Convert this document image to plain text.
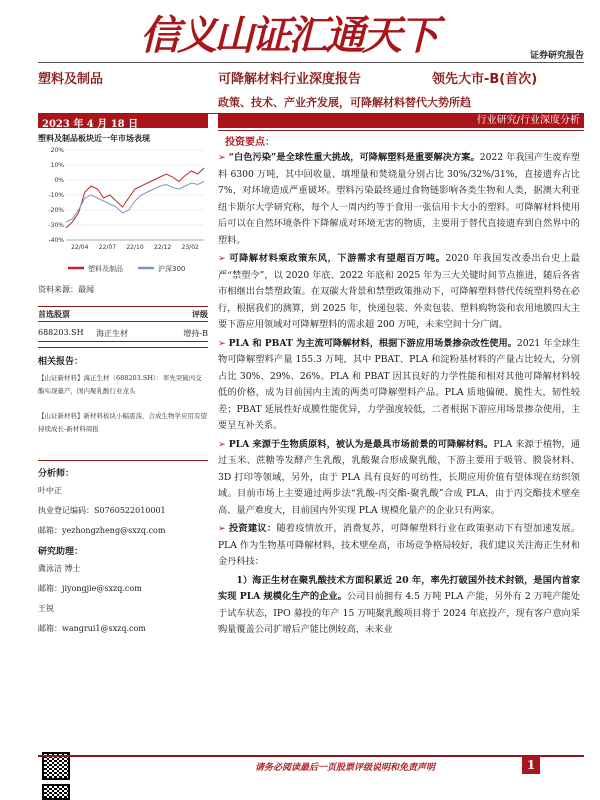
信义山证汇通天下	证券研究报告
塑料及制品	可降解材料行业深度报告	领先大市-B(首次)
政策、技术、产业齐发展，可降解材料替代大势所趋
2023 年 4 月 18 日	行业研究/行业深度分析
塑料及制品板块近一年市场表现
20%
10%
0%
-10%
-20%
-30%
-40%
22/04 22/07 22/10 22/12 23/02
塑料及制品	沪深300
资料来源：最闻
首选股票	评级
688203.SH 海正生材	增持-B
相关报告：
【山证新材料】海正生材（688203.SH）：率先突破丙交酯实现量产，国内聚乳酸行业龙头
【山证新材料】新材料板块小幅震荡，合成生物学应用有望持续成长-新材料周报
分析师：
叶中正
执业登记编码：S0760522010001
邮箱：yezhongzheng@sxzq.com
研究助理：
冀泳洁 博士
邮箱：jiyongjie@sxzq.com
王锐
邮箱：wangrui1@sxzq.com
投资要点：

➢ “白色污染”是全球性重大挑战，可降解塑料是重要解决方案。2022 年我国产生废弃塑料 6300 万吨，其中回收量、填埋量和焚烧量分别占比 30%/32%/31%，直接遗弃占比 7%，对环境造成严重破坏。塑料污染最终通过食物链影响各类生物和人类，据澳大利亚纽卡斯尔大学研究称，每个人一周内约等于食用一张信用卡大小的塑料。可降解材料使用后可以在自然环境条件下降解成对环境无害的物质，主要用于替代直接遗弃到自然界中的塑料。

➢ 可降解材料乘政策东风，下游需求有望超百万吨。2020 年我国发改委出台史上最严“禁塑令”，以 2020 年底、2022 年底和 2025 年为三大关键时间节点推进，随后各省市相继出台禁塑政策。在双碳大背景和禁塑政策推动下，可降解塑料替代传统塑料势在必行，根据我们的测算，到 2025 年，快递包装、外卖包装、塑料购物袋和农用地膜四大主要下游应用领域对可降解塑料的需求超 200 万吨，未来空间十分广阔。

➢ PLA 和 PBAT 为主流可降解材料，根据下游应用场景掺杂改性使用。2021 年全球生物可降解塑料产量 155.3 万吨，其中 PBAT、PLA 和淀粉基材料的产量占比较大，分别占比 30%、29%、26%。PLA 和 PBAT 因其良好的力学性能和相对其他可降解材料较低的价格，成为目前国内主流的两类可降解塑料产品。PLA 质地偏硬、脆性大，韧性较差；PBAT 延展性好成膜性能优异，力学强度较低，二者根据下游应用场景掺杂使用，主要呈互补关系。

➢ PLA 来源于生物质原料，被认为是最具市场前景的可降解材料。PLA 来源于植物，通过玉米、蔗糖等发酵产生乳酸，乳酸聚合形成聚乳酸，下游主要用于吸管、膜袋材料、3D 打印等领域，另外，由于 PLA 具有良好的可纺性，长期应用价值有望体现在纺织领域。目前市场上主要通过两步法“乳酸-丙交酯-聚乳酸”合成 PLA，由于丙交酯技术壁垒高、量产难度大，目前国内外实现 PLA 规模化量产的企业只有两家。

➢ 投资建议：随着疫情放开，消费复苏，可降解塑料行业在政策驱动下有望加速发展。PLA 作为生物基可降解材料，技术壁垒高，市场竞争格局较好，我们建议关注海正生材和金丹科技：

1）海正生材在聚乳酸技术方面积累近 20 年，率先打破国外技术封锁，是国内首家实现 PLA 规模化生产的企业。公司目前拥有 4.5 万吨 PLA 产能，另外有 2 万吨产能处于试车状态，IPO 募投的年产 15 万吨聚乳酸项目将于 2024 年底投产，现有客户意向采购量覆盖公司扩增后产能比例较高，未来业

请务必阅读最后一页股票评级说明和免责声明	1
